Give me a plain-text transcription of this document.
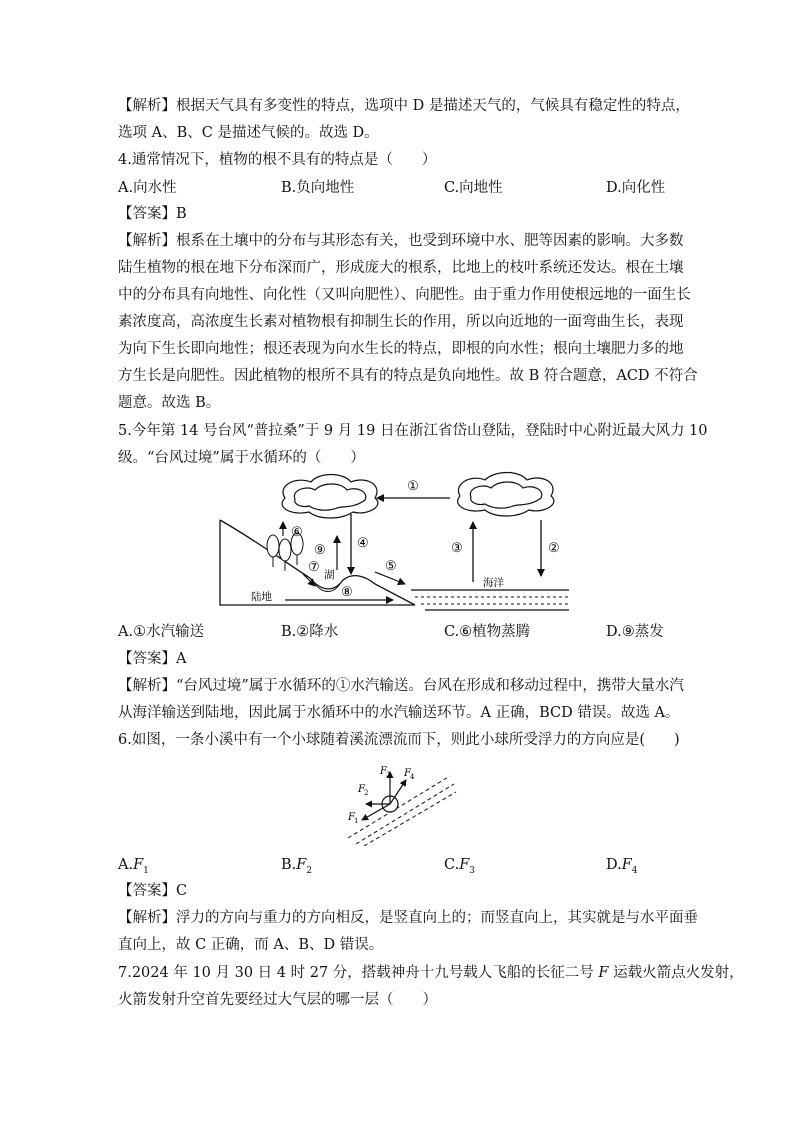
【解析】根据天气具有多变性的特点，选项中 D 是描述天气的，气候具有稳定性的特点，
选项 A、B、C 是描述气候的。故选 D。
4.通常情况下，植物的根不具有的特点是（　　）
A.向水性	B.负向地性	C.向地性	D.向化性
【答案】B
【解析】根系在土壤中的分布与其形态有关，也受到环境中水、肥等因素的影响。大多数
陆生植物的根在地下分布深而广，形成庞大的根系，比地上的枝叶系统还发达。根在土壤
中的分布具有向地性、向化性（又叫向肥性）、向肥性。由于重力作用使根远地的一面生长
素浓度高，高浓度生长素对植物根有抑制生长的作用，所以向近地的一面弯曲生长，表现
为向下生长即向地性；根还表现为向水生长的特点，即根的向水性；根向土壤肥力多的地
方生长是向肥性。因此植物的根所不具有的特点是负向地性。故 B 符合题意，ACD 不符合
题意。故选 B。
5.今年第 14 号台风“普拉桑”于 9 月 19 日在浙江省岱山登陆，登陆时中心附近最大风力 10
级。“台风过境”属于水循环的（　　）
①
②
③
④
湖
⑥
⑨
⑦	⑤
⑧
陆地
海洋
A.①水汽输送	B.②降水	C.⑥植物蒸腾	D.⑨蒸发
【答案】A
【解析】“台风过境”属于水循环的①水汽输送。台风在形成和移动过程中，携带大量水汽
从海洋输送到陆地，因此属于水循环中的水汽输送环节。A 正确，BCD 错误。故选 A。
6.如图，一条小溪中有一个小球随着溪流漂流而下，则此小球所受浮力的方向应是(　　)
F 3 F 4
F 2
F 1
$A.F_1$	$B.F_2$	$C.F_3$	$D.F_4$
【答案】C
【解析】浮力的方向与重力的方向相反，是竖直向上的；而竖直向上，其实就是与水平面垂
直向上，故 C 正确，而 A、B、D 错误。
7.2024 年 10 月 30 日 4 时 27 分，搭载神舟十九号载人飞船的长征二号 F 运载火箭点火发射，
火箭发射升空首先要经过大气层的哪一层（　　）
